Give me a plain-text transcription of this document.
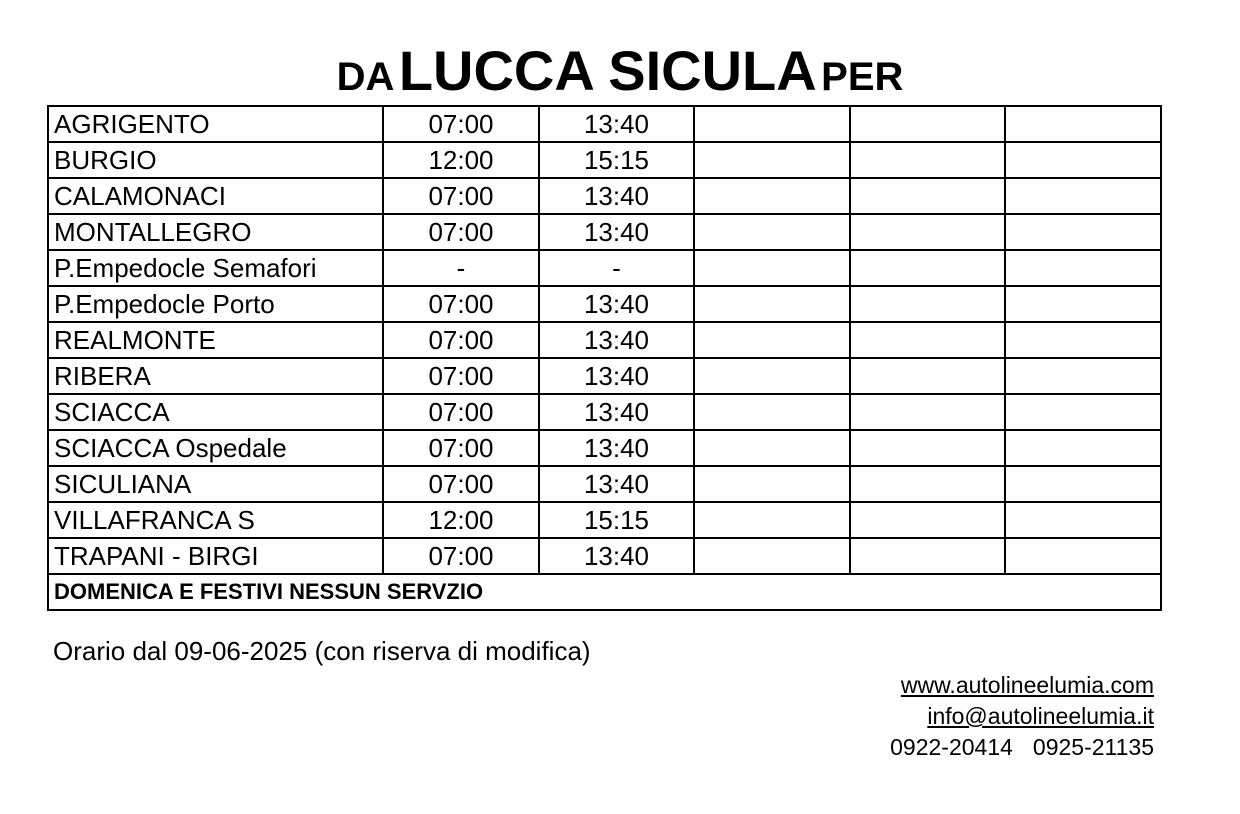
DA LUCCA SICULA PER
AGRIGENTO	07:00	13:40			
BURGIO	12:00	15:15			
CALAMONACI	07:00	13:40			
MONTALLEGRO	07:00	13:40			
P.Empedocle Semafori	-	-			
P.Empedocle Porto	07:00	13:40			
REALMONTE	07:00	13:40			
RIBERA	07:00	13:40			
SCIACCA	07:00	13:40			
SCIACCA Ospedale	07:00	13:40			
SICULIANA	07:00	13:40			
VILLAFRANCA S	12:00	15:15			
TRAPANI - BIRGI	07:00	13:40			
DOMENICA E FESTIVI NESSUN SERVZIO					
Orario dal 09-06-2025 (con riserva di modifica)
www.autolineelumia.com
info@autolineelumia.it
0922-20414 0925-21135
